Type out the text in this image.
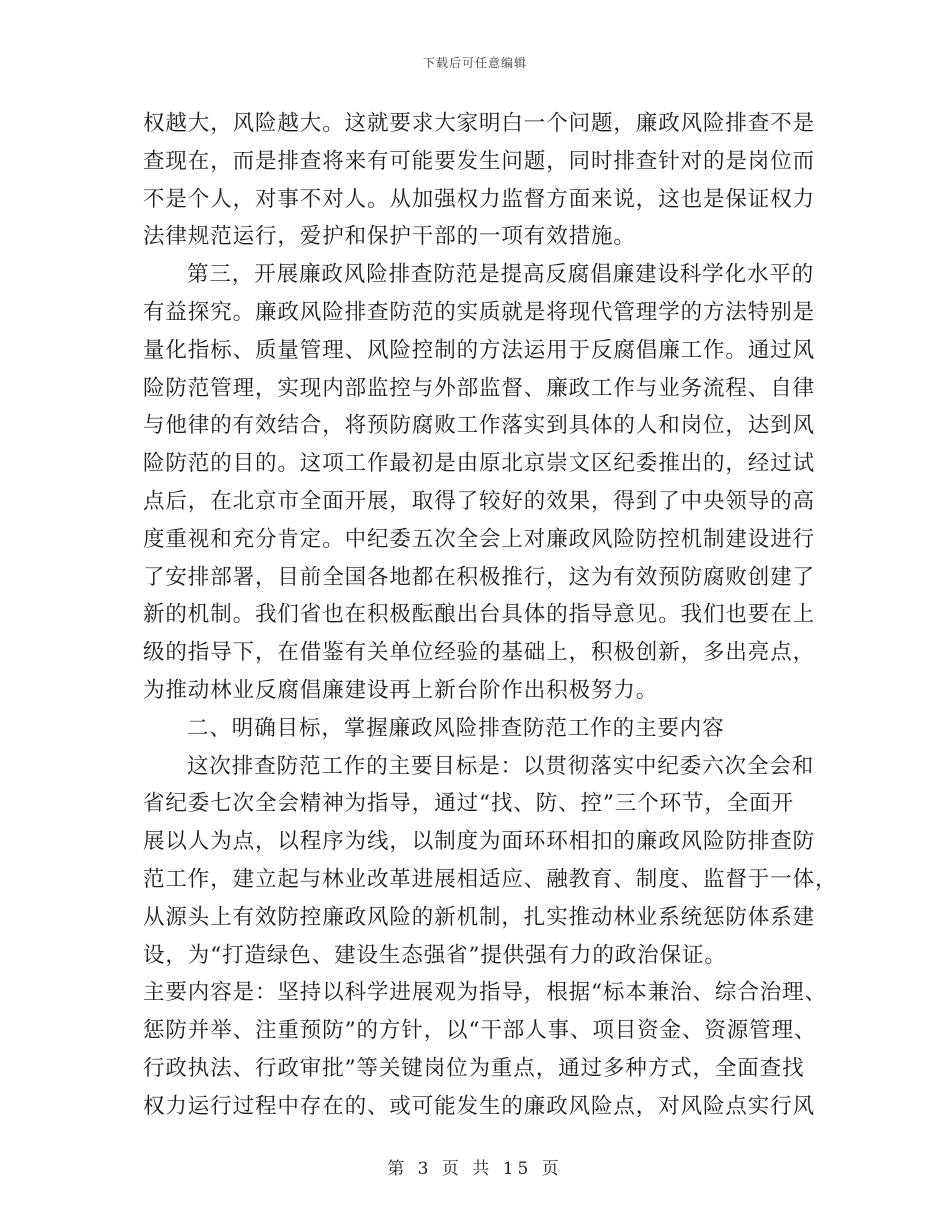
下载后可任意编辑
权越大，风险越大。这就要求大家明白一个问题，廉政风险排查不是
查现在，而是排查将来有可能要发生问题，同时排查针对的是岗位而
不是个人，对事不对人。从加强权力监督方面来说，这也是保证权力
法律规范运行，爱护和保护干部的一项有效措施。
第三，开展廉政风险排查防范是提高反腐倡廉建设科学化水平的
有益探究。廉政风险排查防范的实质就是将现代管理学的方法特别是
量化指标、质量管理、风险控制的方法运用于反腐倡廉工作。通过风
险防范管理，实现内部监控与外部监督、廉政工作与业务流程、自律
与他律的有效结合，将预防腐败工作落实到具体的人和岗位，达到风
险防范的目的。这项工作最初是由原北京崇文区纪委推出的，经过试
点后，在北京市全面开展，取得了较好的效果，得到了中央领导的高
度重视和充分肯定。中纪委五次全会上对廉政风险防控机制建设进行
了安排部署，目前全国各地都在积极推行，这为有效预防腐败创建了
新的机制。我们省也在积极酝酿出台具体的指导意见。我们也要在上
级的指导下，在借鉴有关单位经验的基础上，积极创新，多出亮点，
为推动林业反腐倡廉建设再上新台阶作出积极努力。
二、明确目标，掌握廉政风险排查防范工作的主要内容
这次排查防范工作的主要目标是：以贯彻落实中纪委六次全会和
省纪委七次全会精神为指导，通过“找、防、控”三个环节，全面开
展以人为点，以程序为线，以制度为面环环相扣的廉政风险防排查防
范工作，建立起与林业改革进展相适应、融教育、制度、监督于一体，
从源头上有效防控廉政风险的新机制，扎实推动林业系统惩防体系建
设，为“打造绿色、建设生态强省”提供强有力的政治保证。
主要内容是：坚持以科学进展观为指导，根据“标本兼治、综合治理、
惩防并举、注重预防”的方针，以“干部人事、项目资金、资源管理、
行政执法、行政审批”等关键岗位为重点，通过多种方式，全面查找
权力运行过程中存在的、或可能发生的廉政风险点，对风险点实行风
第 3 页 共 15 页
